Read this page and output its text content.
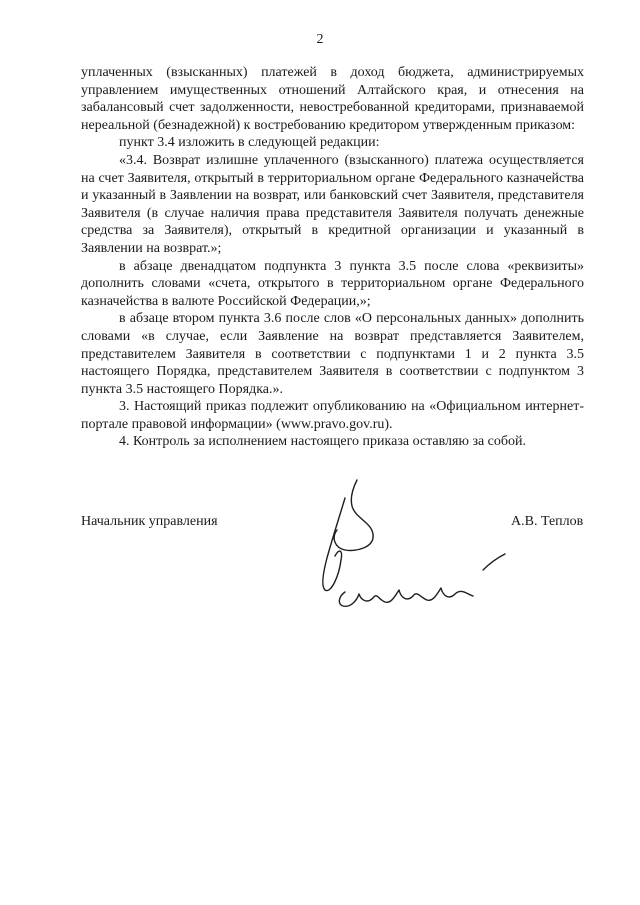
2

уплаченных (взысканных) платежей в доход бюджета, администрируемых управлением имущественных отношений Алтайского края, и отнесения на забалансовый счет задолженности, невостребованной кредиторами, признаваемой нереальной (безнадежной) к востребованию кредитором утвержденным приказом:

пункт 3.4 изложить в следующей редакции:

«3.4. Возврат излишне уплаченного (взысканного) платежа осуществляется на счет Заявителя, открытый в территориальном органе Федерального казначейства и указанный в Заявлении на возврат, или банковский счет Заявителя, представителя Заявителя (в случае наличия права представителя Заявителя получать денежные средства за Заявителя), открытый в кредитной организации и указанный в Заявлении на возврат.»;

в абзаце двенадцатом подпункта 3 пункта 3.5 после слова «реквизиты» дополнить словами «счета, открытого в территориальном органе Федерального казначейства в валюте Российской Федерации,»;

в абзаце втором пункта 3.6 после слов «О персональных данных» дополнить словами «в случае, если Заявление на возврат представляется Заявителем, представителем Заявителя в соответствии с подпунктами 1 и 2 пункта 3.5 настоящего Порядка, представителем Заявителя в соответствии с подпунктом 3 пункта 3.5 настоящего Порядка.».

3. Настоящий приказ подлежит опубликованию на «Официальном интернет-портале правовой информации» (www.pravo.gov.ru).

4. Контроль за исполнением настоящего приказа оставляю за собой.

Начальник управления	А.В. Теплов
